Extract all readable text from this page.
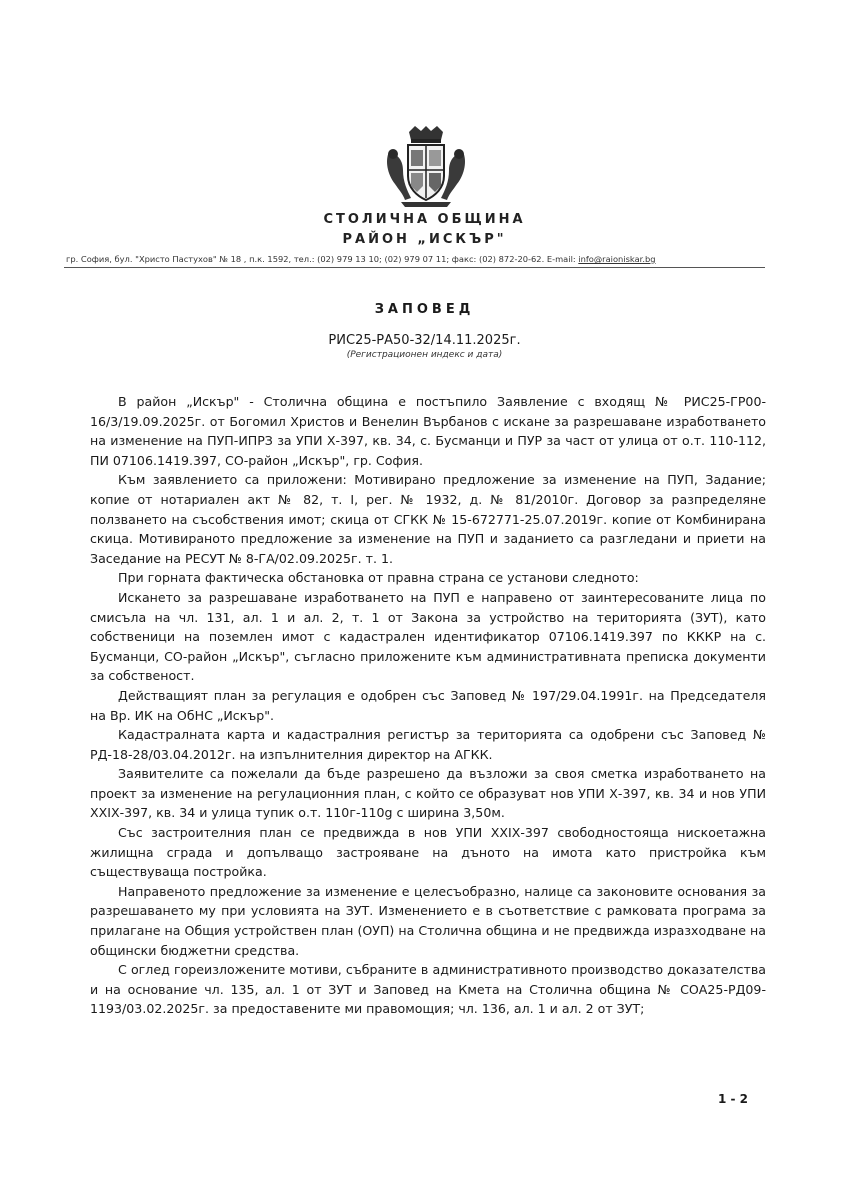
СТОЛИЧНА ОБЩИНА
РАЙОН „ИСКЪР"
гр. София, бул. "Христо Пастухов" № 18 , п.к. 1592, тел.: (02) 979 13 10; (02) 979 07 11; факс: (02) 872-20-62. E-mail: info@raioniskar.bg
ЗАПОВЕД
РИС25-РА50-32/14.11.2025г.
(Регистрационен индекс и дата)

В район „Искър" - Столична община е постъпило Заявление с входящ № РИС25-ГР00-16/3/19.09.2025г. от Богомил Христов и Венелин Върбанов с искане за разрешаване изработването на изменение на ПУП-ИПРЗ за УПИ Х-397, кв. 34, с. Бусманци и ПУР за част от улица от о.т. 110-112, ПИ 07106.1419.397, СО-район „Искър", гр. София.

Към заявлението са приложени: Мотивирано предложение за изменение на ПУП, Задание; копие от нотариален акт № 82, т. I, рег. № 1932, д. № 81/2010г. Договор за разпределяне ползването на съсобствения имот; скица от СГКК № 15-672771-25.07.2019г. копие от Комбинирана скица. Мотивираното предложение за изменение на ПУП и заданието са разгледани и приети на Заседание на РЕСУТ № 8-ГА/02.09.2025г. т. 1.

При горната фактическа обстановка от правна страна се установи следното:

Искането за разрешаване изработването на ПУП е направено от заинтересованите лица по смисъла на чл. 131, ал. 1 и ал. 2, т. 1 от Закона за устройство на територията (ЗУТ), като собственици на поземлен имот с кадастрален идентификатор 07106.1419.397 по КККР на с. Бусманци, СО-район „Искър", съгласно приложените към административната преписка документи за собственост.

Действащият план за регулация е одобрен със Заповед № 197/29.04.1991г. на Председателя на Вр. ИК на ОбНС „Искър".

Кадастралната карта и кадастралния регистър за територията са одобрени със Заповед № РД-18-28/03.04.2012г. на изпълнителния директор на АГКК.

Заявителите са пожелали да бъде разрешено да възложи за своя сметка изработването на проект за изменение на регулационния план, с който се образуват нов УПИ Х-397, кв. 34 и нов УПИ ХХIХ-397, кв. 34 и улица тупик о.т. 110г-110g с ширина 3,50м.

Със застроителния план се предвижда в нов УПИ ХХIХ-397 свободностояща нискоетажна жилищна сграда и допълващо застрояване на дъното на имота като пристройка към съществуваща постройка.

Направеното предложение за изменение е целесъобразно, налице са законовите основания за разрешаването му при условията на ЗУТ. Изменението е в съответствие с рамковата програма за прилагане на Общия устройствен план (ОУП) на Столична община и не предвижда изразходване на общински бюджетни средства.

С оглед гореизложените мотиви, събраните в административното производство доказателства и на основание чл. 135, ал. 1 от ЗУТ и Заповед на Кмета на Столична община № СОА25-РД09-1193/03.02.2025г. за предоставените ми правомощия; чл. 136, ал. 1 и ал. 2 от ЗУТ;

1 - 2
